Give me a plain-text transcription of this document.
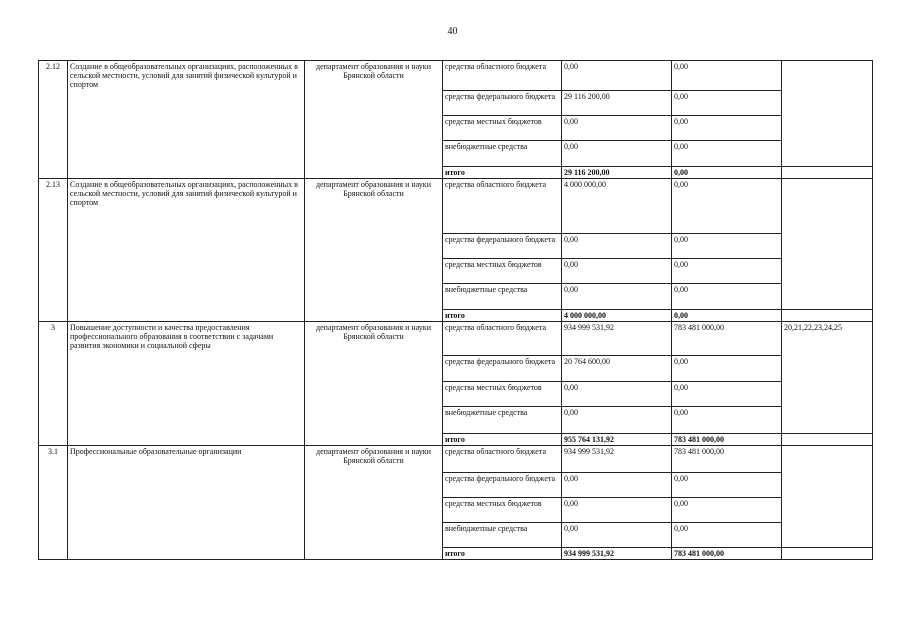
40
2.12	Создание в общеобразовательных организациях, расположенных в сельской местности, условий для занятий физической культурой и спортом	департамент образования и науки Брянской области	средства областного бюджета	0,00	0,00	
			средства федерального бюджета	29 116 200,00	0,00	
			средства местных бюджетов	0,00	0,00	
			внебюджетные средства	0,00	0,00	
			итого	29 116 200,00	0,00	
2.13	Создание в общеобразовательных организациях, расположенных в сельской местности, условий для занятий физической культурой и спортом	департамент образования и науки Брянской области	средства областного бюджета	4 000 000,00	0,00	
			средства федерального бюджета	0,00	0,00	
			средства местных бюджетов	0,00	0,00	
			внебюджетные средства	0,00	0,00	
			итого	4 000 000,00	0,00	
3	Повышение доступности и качества предоставления профессионального образования в соответствии с задачами развития экономики и социальной сферы	департамент образования и науки Брянской области	средства областного бюджета	934 999 531,92	783 481 000,00	20,21,22,23,24,25
			средства федерального бюджета	20 764 600,00	0,00	
			средства местных бюджетов	0,00	0,00	
			внебюджетные средства	0,00	0,00	
			итого	955 764 131,92	783 481 000,00	
3.1	Профессиональные образовательные организации	департамент образования и науки Брянской области	средства областного бюджета	934 999 531,92	783 481 000,00	
			средства федерального бюджета	0,00	0,00	
			средства местных бюджетов	0,00	0,00	
			внебюджетные средства	0,00	0,00	
			итого	934 999 531,92	783 481 000,00	
